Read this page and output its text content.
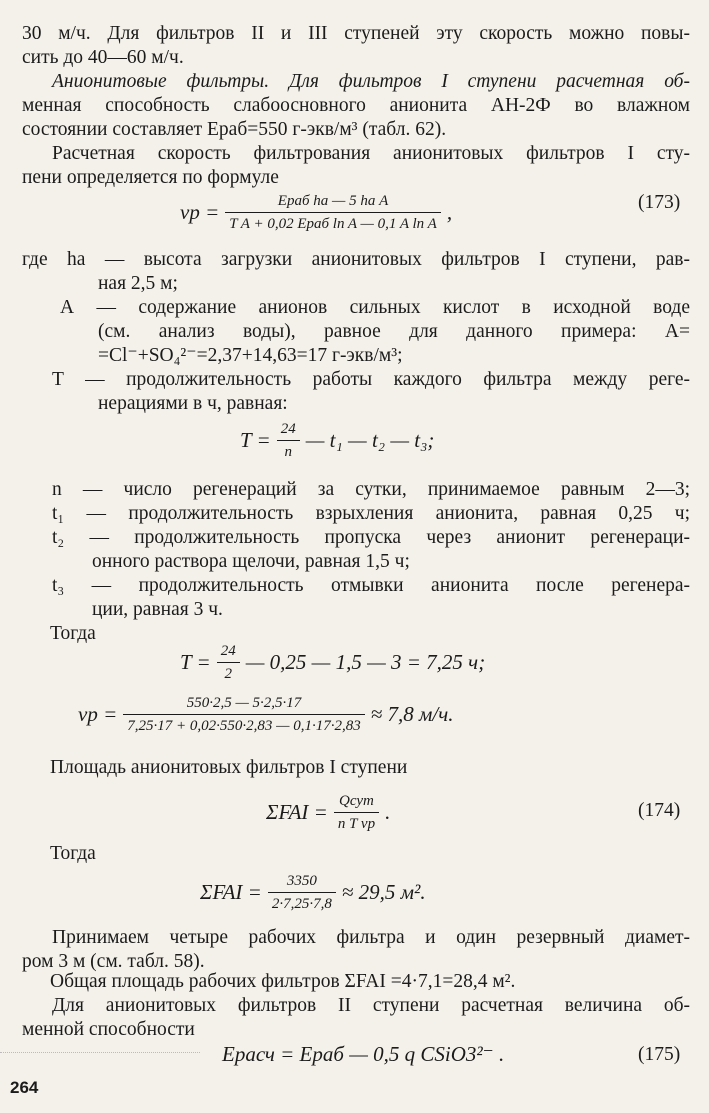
30 м/ч. Для фильтров II и III ступеней эту скорость можно повы-
сить до 40—60 м/ч.
Анионитовые фильтры. Для фильтров I ступени расчетная об-
менная способность слабоосновного анионита АН-2Ф во влажном
состоянии составляет Eраб=550 г-экв/м³ (табл. 62).
Расчетная скорость фильтрования анионитовых фильтров I сту-
пени определяется по формуле
vр = $\frac{\text{Eраб hа — 5 hа A}}{\text{T A + 0,02 Eраб ln A — 0,1 A ln A}}$ ,	(173)
где hа — высота загрузки анионитовых фильтров I ступени, рав-
ная 2,5 м;
А — содержание анионов сильных кислот в исходной воде
(см. анализ воды), равное для данного примера: А=
=Cl⁻+SO₄²⁻=2,37+14,63=17 г-экв/м³;
T — продолжительность работы каждого фильтра между реге-
нерациями в ч, равная:
$T = \frac{24}{n}$ — t₁ — t₂ — t₃;
n — число регенераций за сутки, принимаемое равным 2—3;
t₁ — продолжительность взрыхления анионита, равная 0,25 ч;
t₂ — продолжительность пропуска через анионит регенераци-
онного раствора щелочи, равная 1,5 ч;
t₃ — продолжительность отмывки анионита после регенера-
ции, равная 3 ч.
Тогда
$T = \frac{24}{2}$ — 0,25 — 1,5 — 3 = 7,25 ч;
vр = $\frac{550\cdot 2,5 — 5\cdot 2,5\cdot 17}{7,25\cdot 17 + 0,02\cdot 550\cdot 2,83 — 0,1\cdot 17\cdot 2,83} \approx 7,8$ м/ч.
Площадь анионитовых фильтров I ступени
$\Sigma FAI = \frac{\text{Qсут}}{\text{n T vр}}$ .	(174)
Тогда
$\Sigma FAI = \frac{3350}{2\cdot 7,25\cdot 7,8} \approx 29,5$ м².
Принимаем четыре рабочих фильтра и один резервный диамет-
ром 3 м (см. табл. 58).
Общая площадь рабочих фильтров ΣFAI =4·7,1=28,4 м².
Для анионитовых фильтров II ступени расчетная величина об-
менной способности
Eрасч = Eраб — 0,5 q CSiO3²⁻ .	(175)
264
